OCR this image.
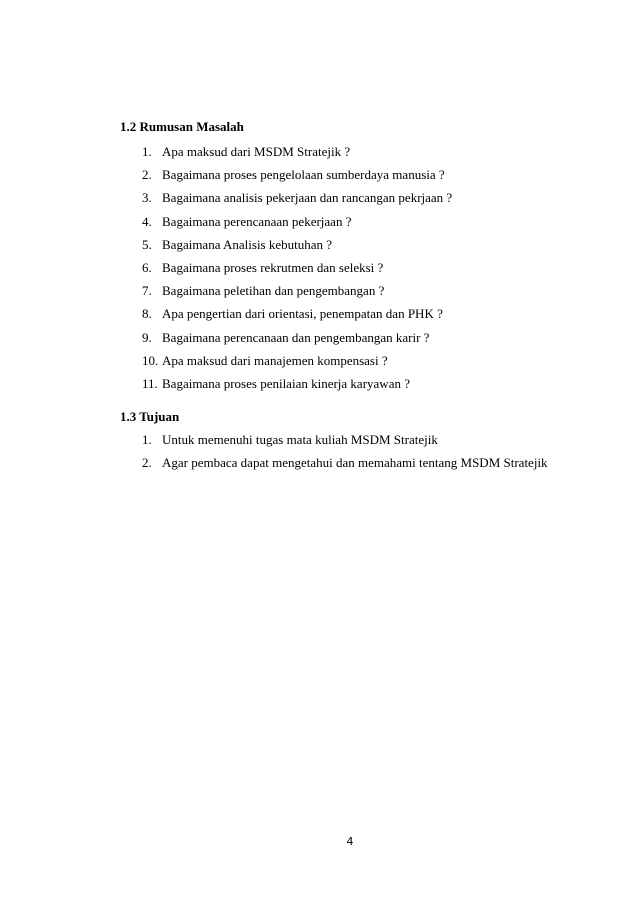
1.2 Rumusan Masalah
1. Apa maksud dari MSDM Stratejik ?
2. Bagaimana proses pengelolaan sumberdaya manusia ?
3. Bagaimana analisis pekerjaan dan rancangan pekrjaan ?
4. Bagaimana perencanaan pekerjaan ?
5. Bagaimana Analisis kebutuhan ?
6. Bagaimana proses rekrutmen dan seleksi ?
7. Bagaimana peletihan dan pengembangan ?
8. Apa pengertian dari orientasi, penempatan dan PHK ?
9. Bagaimana perencanaan dan pengembangan karir ?
10. Apa maksud dari manajemen kompensasi ?
11. Bagaimana proses penilaian kinerja karyawan ?
1.3 Tujuan
1. Untuk memenuhi tugas mata kuliah MSDM Stratejik
2. Agar pembaca dapat mengetahui dan memahami tentang MSDM Stratejik
4
